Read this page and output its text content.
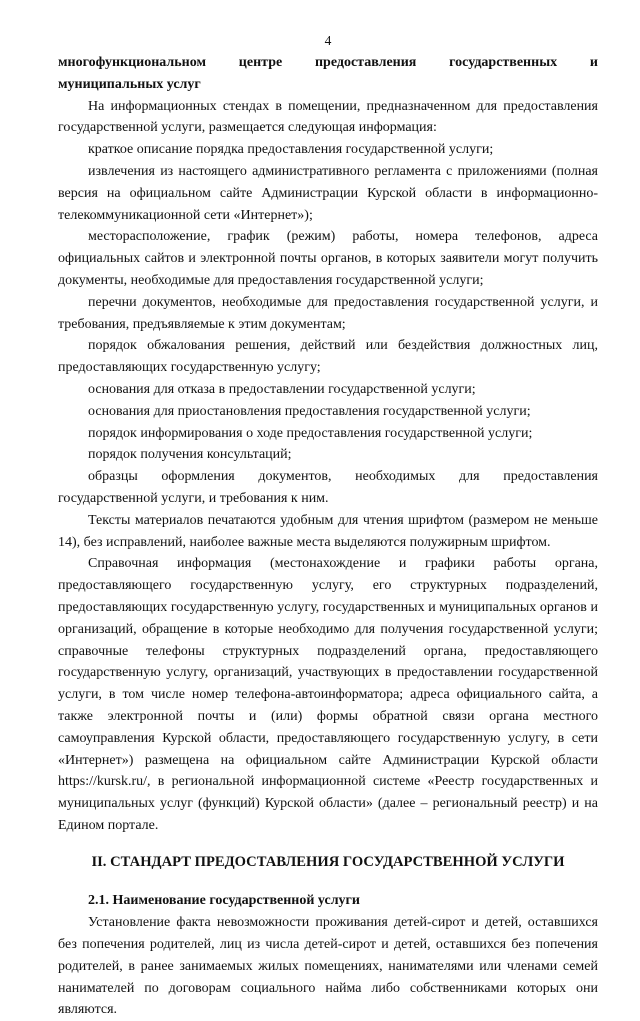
4

многофункциональном центре предоставления государственных и

муниципальных услуг

На информационных стендах в помещении, предназначенном для предоставления государственной услуги, размещается следующая информация:

краткое описание порядка предоставления государственной услуги;

извлечения из настоящего административного регламента с приложениями (полная версия на официальном сайте Администрации Курской области в информационно-телекоммуникационной сети «Интернет»);

месторасположение, график (режим) работы, номера телефонов, адреса официальных сайтов и электронной почты органов, в которых заявители могут получить документы, необходимые для предоставления государственной услуги;

перечни документов, необходимые для предоставления государственной услуги, и требования, предъявляемые к этим документам;

порядок обжалования решения, действий или бездействия должностных лиц, предоставляющих государственную услугу;

основания для отказа в предоставлении государственной услуги;

основания для приостановления предоставления государственной услуги;

порядок информирования о ходе предоставления государственной услуги;

порядок получения консультаций;

образцы оформления документов, необходимых для предоставления государственной услуги, и требования к ним.

Тексты материалов печатаются удобным для чтения шрифтом (размером не меньше 14), без исправлений, наиболее важные места выделяются полужирным шрифтом.

Справочная информация (местонахождение и графики работы органа, предоставляющего государственную услугу, его структурных подразделений, предоставляющих государственную услугу, государственных и муниципальных органов и организаций, обращение в которые необходимо для получения государственной услуги; справочные телефоны структурных подразделений органа, предоставляющего государственную услугу, организаций, участвующих в предоставлении государственной услуги, в том числе номер телефона-автоинформатора; адреса официального сайта, а также электронной почты и (или) формы обратной связи органа местного самоуправления Курской области, предоставляющего государственную услугу, в сети «Интернет») размещена на официальном сайте Администрации Курской области https://kursk.ru/, в региональной информационной системе «Реестр государственных и муниципальных услуг (функций) Курской области» (далее – региональный реестр) и на Едином портале.

II. СТАНДАРТ ПРЕДОСТАВЛЕНИЯ ГОСУДАРСТВЕННОЙ УСЛУГИ

2.1. Наименование государственной услуги

Установление факта невозможности проживания детей-сирот и детей, оставшихся без попечения родителей, лиц из числа детей-сирот и детей, оставшихся без попечения родителей, в ранее занимаемых жилых помещениях, нанимателями или членами семей нанимателей по договорам социального найма либо собственниками которых они являются.
